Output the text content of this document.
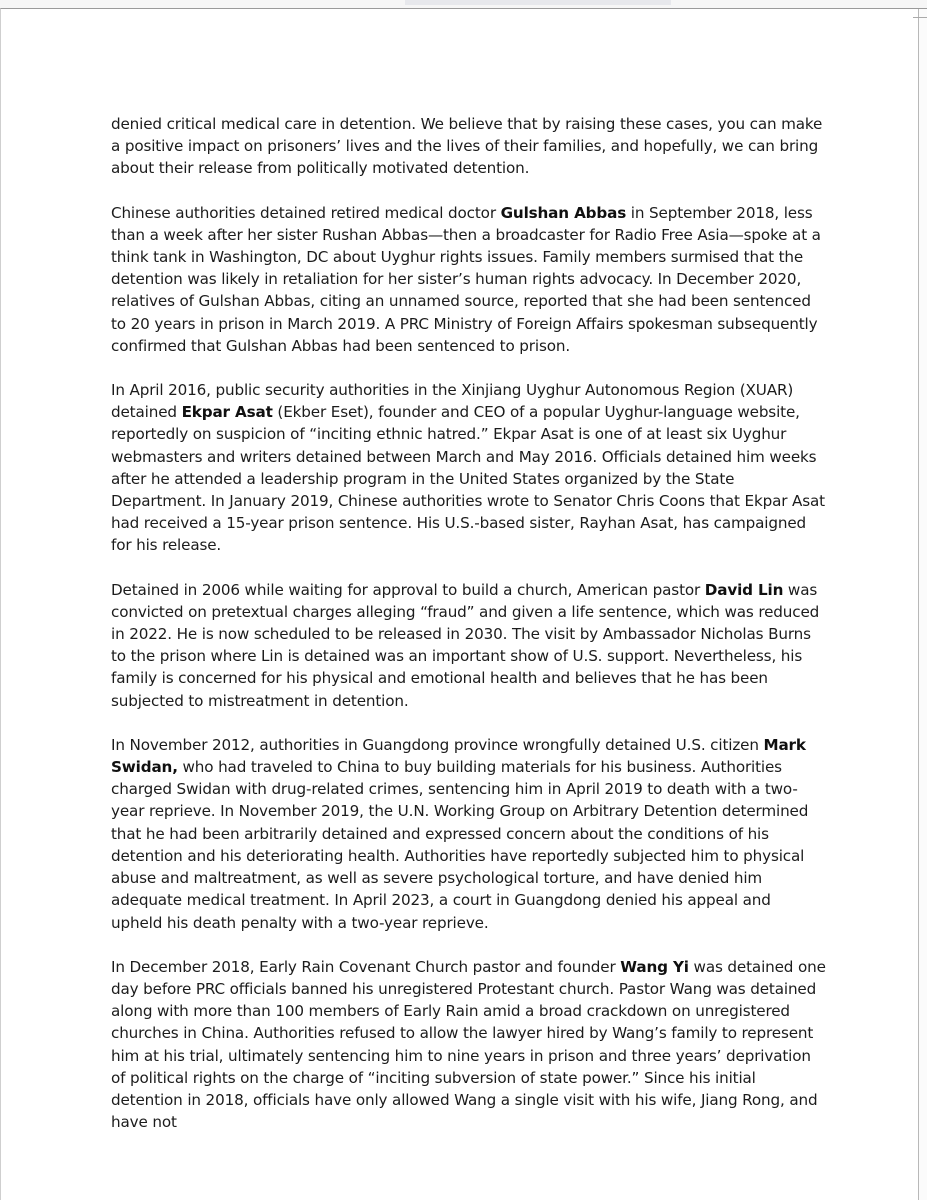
denied critical medical care in detention. We believe that by raising these cases, you can make a positive impact on prisoners’ lives and the lives of their families, and hopefully, we can bring about their release from politically motivated detention.

Chinese authorities detained retired medical doctor Gulshan Abbas in September 2018, less than a week after her sister Rushan Abbas—then a broadcaster for Radio Free Asia—spoke at a think tank in Washington, DC about Uyghur rights issues. Family members surmised that the detention was likely in retaliation for her sister’s human rights advocacy. In December 2020, relatives of Gulshan Abbas, citing an unnamed source, reported that she had been sentenced to 20 years in prison in March 2019. A PRC Ministry of Foreign Affairs spokesman subsequently confirmed that Gulshan Abbas had been sentenced to prison.

In April 2016, public security authorities in the Xinjiang Uyghur Autonomous Region (XUAR) detained Ekpar Asat (Ekber Eset), founder and CEO of a popular Uyghur-language website, reportedly on suspicion of “inciting ethnic hatred.” Ekpar Asat is one of at least six Uyghur webmasters and writers detained between March and May 2016. Officials detained him weeks after he attended a leadership program in the United States organized by the State Department. In January 2019, Chinese authorities wrote to Senator Chris Coons that Ekpar Asat had received a 15-year prison sentence. His U.S.-based sister, Rayhan Asat, has campaigned for his release.

Detained in 2006 while waiting for approval to build a church, American pastor David Lin was convicted on pretextual charges alleging “fraud” and given a life sentence, which was reduced in 2022. He is now scheduled to be released in 2030. The visit by Ambassador Nicholas Burns to the prison where Lin is detained was an important show of U.S. support. Nevertheless, his family is concerned for his physical and emotional health and believes that he has been subjected to mistreatment in detention.

In November 2012, authorities in Guangdong province wrongfully detained U.S. citizen Mark Swidan, who had traveled to China to buy building materials for his business. Authorities charged Swidan with drug-related crimes, sentencing him in April 2019 to death with a two-year reprieve. In November 2019, the U.N. Working Group on Arbitrary Detention determined that he had been arbitrarily detained and expressed concern about the conditions of his detention and his deteriorating health. Authorities have reportedly subjected him to physical abuse and maltreatment, as well as severe psychological torture, and have denied him adequate medical treatment. In April 2023, a court in Guangdong denied his appeal and upheld his death penalty with a two-year reprieve.

In December 2018, Early Rain Covenant Church pastor and founder Wang Yi was detained one day before PRC officials banned his unregistered Protestant church. Pastor Wang was detained along with more than 100 members of Early Rain amid a broad crackdown on unregistered churches in China. Authorities refused to allow the lawyer hired by Wang’s family to represent him at his trial, ultimately sentencing him to nine years in prison and three years’ deprivation of political rights on the charge of “inciting subversion of state power.” Since his initial detention in 2018, officials have only allowed Wang a single visit with his wife, Jiang Rong, and have not
